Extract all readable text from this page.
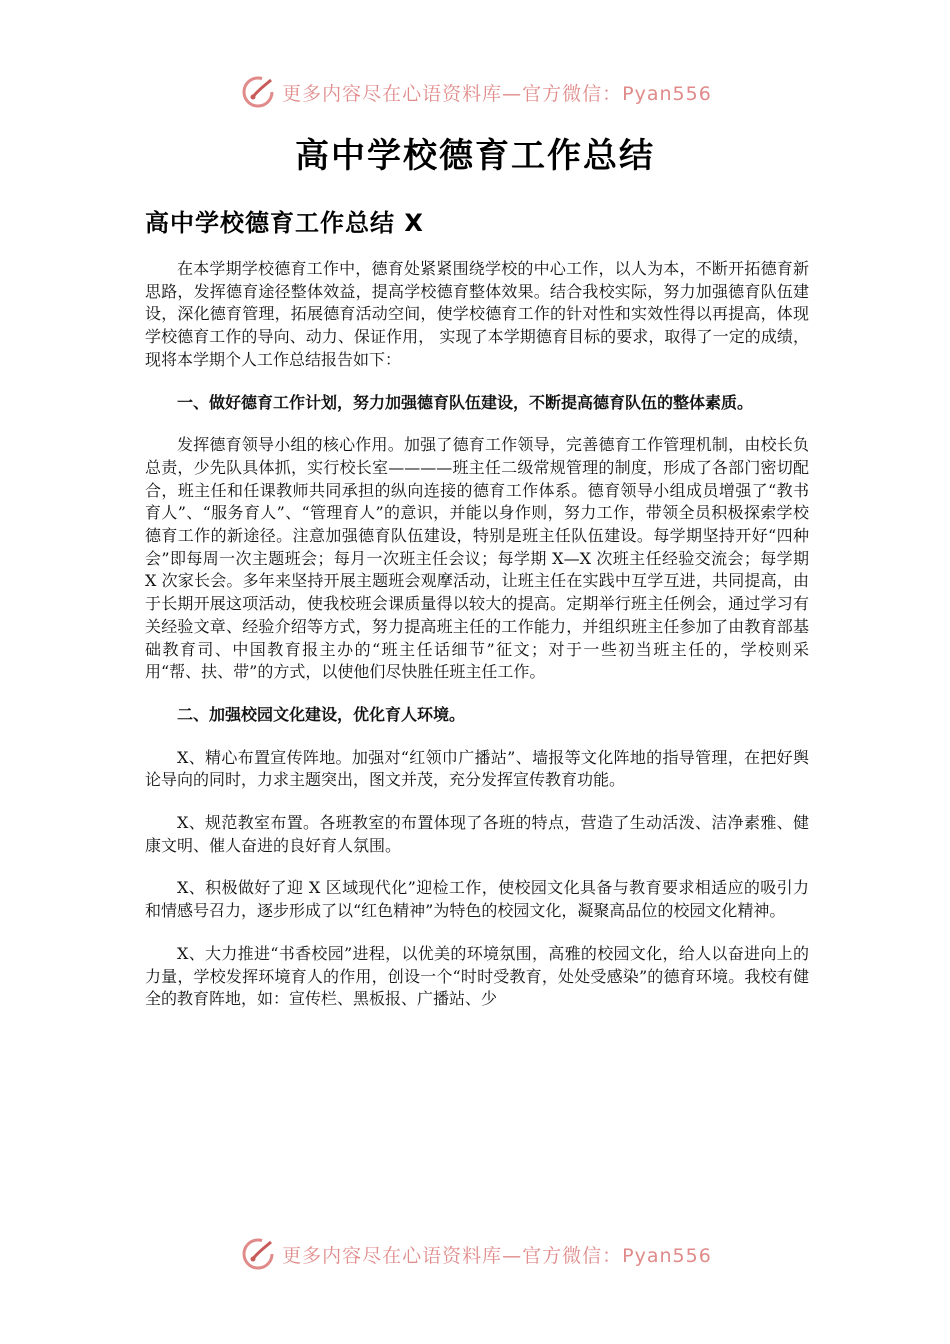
更多内容尽在心语资料库—官方微信：Pyan556
高中学校德育工作总结
高中学校德育工作总结 X

在本学期学校德育工作中，德育处紧紧围绕学校的中心工作，以人为本，不断开拓德育新思路，发挥德育途径整体效益，提高学校德育整体效果。结合我校实际，努力加强德育队伍建设，深化德育管理，拓展德育活动空间，使学校德育工作的针对性和实效性得以再提高，体现学校德育工作的导向、动力、保证作用， 实现了本学期德育目标的要求，取得了一定的成绩，现将本学期个人工作总结报告如下：

一、做好德育工作计划，努力加强德育队伍建设，不断提高德育队伍的整体素质。

发挥德育领导小组的核心作用。加强了德育工作领导，完善德育工作管理机制，由校长负总责，少先队具体抓，实行校长室————班主任二级常规管理的制度，形成了各部门密切配合，班主任和任课教师共同承担的纵向连接的德育工作体系。德育领导小组成员增强了“教书育人”、“服务育人”、“管理育人”的意识，并能以身作则，努力工作，带领全员积极探索学校德育工作的新途径。注意加强德育队伍建设，特别是班主任队伍建设。每学期坚持开好“四种会”即每周一次主题班会；每月一次班主任会议；每学期 X—X 次班主任经验交流会；每学期 X 次家长会。多年来坚持开展主题班会观摩活动，让班主任在实践中互学互进，共同提高，由于长期开展这项活动，使我校班会课质量得以较大的提高。定期举行班主任例会，通过学习有关经验文章、经验介绍等方式，努力提高班主任的工作能力，并组织班主任参加了由教育部基础教育司、中国教育报主办的“班主任话细节”征文；对于一些初当班主任的，学校则采用“帮、扶、带”的方式，以使他们尽快胜任班主任工作。

二、加强校园文化建设，优化育人环境。

X、精心布置宣传阵地。加强对“红领巾广播站”、墙报等文化阵地的指导管理，在把好舆论导向的同时，力求主题突出，图文并茂，充分发挥宣传教育功能。

X、规范教室布置。各班教室的布置体现了各班的特点，营造了生动活泼、洁净素雅、健康文明、催人奋进的良好育人氛围。

X、积极做好了迎 X 区域现代化”迎检工作，使校园文化具备与教育要求相适应的吸引力和情感号召力，逐步形成了以“红色精神”为特色的校园文化，凝聚高品位的校园文化精神。

X、大力推进“书香校园”进程，以优美的环境氛围，高雅的校园文化，给人以奋进向上的力量，学校发挥环境育人的作用，创设一个“时时受教育，处处受感染”的德育环境。我校有健全的教育阵地，如：宣传栏、黑板报、广播站、少

更多内容尽在心语资料库—官方微信：Pyan556
